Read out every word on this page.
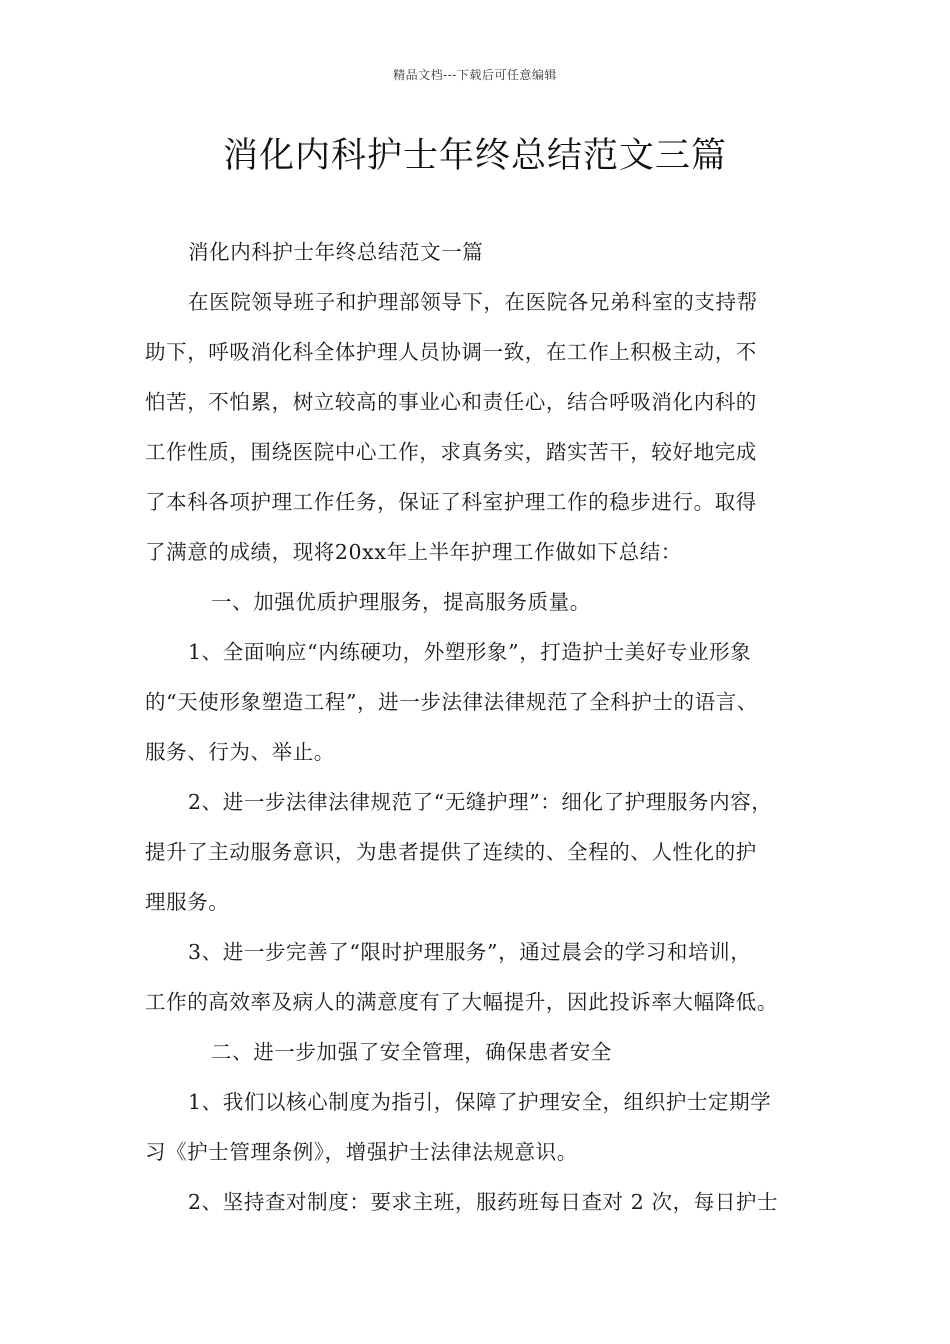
精品文档---下载后可任意编辑
消化内科护士年终总结范文三篇
消化内科护士年终总结范文一篇
在医院领导班子和护理部领导下，在医院各兄弟科室的支持帮
助下，呼吸消化科全体护理人员协调一致，在工作上积极主动，不
怕苦，不怕累，树立较高的事业心和责任心，结合呼吸消化内科的
工作性质，围绕医院中心工作，求真务实，踏实苦干，较好地完成
了本科各项护理工作任务，保证了科室护理工作的稳步进行。取得
了满意的成绩，现将20xx年上半年护理工作做如下总结：
一、加强优质护理服务，提高服务质量。
1、全面响应“内练硬功，外塑形象”，打造护士美好专业形象
的“天使形象塑造工程”，进一步法律法律规范了全科护士的语言、
服务、行为、举止。
2、进一步法律法律规范了“无缝护理”：细化了护理服务内容，
提升了主动服务意识，为患者提供了连续的、全程的、人性化的护
理服务。
3、进一步完善了“限时护理服务”，通过晨会的学习和培训，
工作的高效率及病人的满意度有了大幅提升，因此投诉率大幅降低。
二、进一步加强了安全管理，确保患者安全
1、我们以核心制度为指引，保障了护理安全，组织护士定期学
习《护士管理条例》，增强护士法律法规意识。
2、坚持查对制度：要求主班，服药班每日查对 2 次，每日护士
